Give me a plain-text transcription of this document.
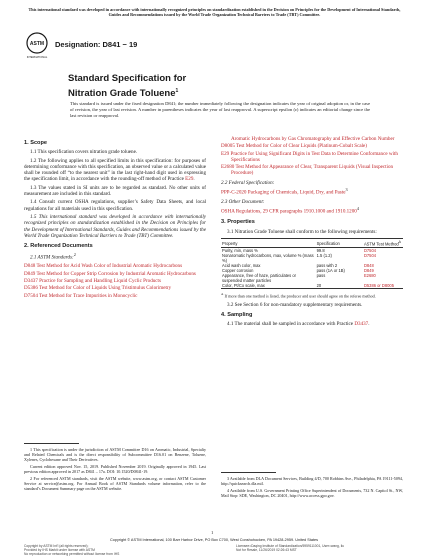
This international standard was developed in accordance with internationally recognized principles on standardization established in the Decision on Principles for the Development of International Standards, Guides and Recommendations issued by the World Trade Organization Technical Barriers to Trade (TBT) Committee.
ASTM
INTERNATIONAL
Designation: D841 − 19
Standard Specification for
Nitration Grade Toluene$^1$
This standard is issued under the fixed designation D841; the number immediately following the designation indicates the year of original adoption or, in the case of revision, the year of last revision. A number in parentheses indicates the year of last reapproval. A superscript epsilon (ε) indicates an editorial change since the last revision or reapproval.
1. Scope
1.1 This specification covers nitration grade toluene.
1.2 The following applies to all specified limits in this specification: for purposes of determining conformance with this specification, an observed value or a calculated value shall be rounded off “to the nearest unit” in the last right-hand digit used in expressing the specification limit, in accordance with the rounding-off method of Practice E29.
1.3 The values stated in SI units are to be regarded as standard. No other units of measurement are included in this standard.
1.4 Consult current OSHA regulations, supplier’s Safety Data Sheets, and local regulations for all materials used in this specification.
1.5 This international standard was developed in accordance with internationally recognized principles on standardization established in the Decision on Principles for the Development of International Standards, Guides and Recommendations issued by the World Trade Organization Technical Barriers to Trade (TBT) Committee.
2. Referenced Documents
2.1 ASTM Standards:$^2$
D848 Test Method for Acid Wash Color of Industrial Aromatic Hydrocarbons
D849 Test Method for Copper Strip Corrosion by Industrial Aromatic Hydrocarbons
D3437 Practice for Sampling and Handling Liquid Cyclic Products
D5386 Test Method for Color of Liquids Using Tristimulus Colorimetry
D7504 Test Method for Trace Impurities in Monocyclic
Aromatic Hydrocarbons by Gas Chromatography and Effective Carbon Number
D8005 Test Method for Color of Clear Liquids (Platinum-Cobalt Scale)
E29 Practice for Using Significant Digits in Test Data to Determine Conformance with Specifications
E2680 Test Method for Appearance of Clear, Transparent Liquids (Visual Inspection Procedure)
2.2 Federal Specification:
PPP-C-2020 Packaging of Chemicals, Liquid, Dry, and Paste$^3$
2.3 Other Document:
OSHA Regulations, 29 CFR paragraphs 1910.1000 and 1910.1200$^4$
3. Properties
3.1 Nitration Grade Toluene shall conform to the following requirements:
Property	Specification	ASTM Test Method$^A$
Purity, min, mass %	99.8	D7504
Nonaromatic hydrocarbons, max, volume % (mass %)	1.5 (1.2)	D7504
Acid wash color, max	pass with 2	D848
Copper corrosion	pass (1A or 1B)	D849
Appearance, free of haze, particulates or suspended matter particles	pass	E2680
Color, Pt/Co scale, max	20	D5386 or D8005
$^A$ If more than one method is listed, the producer and user should agree on the referee method.
3.2 See Section 6 for non-mandatory supplementary requirements.
4. Sampling
4.1 The material shall be sampled in accordance with Practice D3437.
1 This specification is under the jurisdiction of ASTM Committee D16 on Aromatic, Industrial, Specialty and Related Chemicals and is the direct responsibility of Subcommittee D16.01 on Benzene, Toluene, Xylenes, Cyclohexane and Their Derivatives.
Current edition approved Nov. 15, 2019. Published November 2019. Originally approved in 1945. Last previous edition approved in 2017 as D841 – 17a. DOI: 10.1520/D0841-19.
2 For referenced ASTM standards, visit the ASTM website, www.astm.org, or contact ASTM Customer Service at service@astm.org. For Annual Book of ASTM Standards volume information, refer to the standard’s Document Summary page on the ASTM website.
3 Available from DLA Document Services, Building 4/D, 700 Robbins Ave., Philadelphia, PA 19111-5094, http://quicksearch.dla.mil.
4 Available from U.S. Government Printing Office Superintendent of Documents, 732 N. Capitol St., NW, Mail Stop: SDE, Washington, DC 20401, http://www.access.gpo.gov.
1
Copyright © ASTM International, 100 Barr Harbor Drive, PO Box C700, West Conshohocken, PA 19428-2959. United States
Copyright by ASTM Int'l (all rights reserved);
Provided by IHS Markit under license with ASTM
No reproduction or networking permitted without license from IHS
Licensee=Daqing Institute of Standardization/5959111001, User=wang, liu
Not for Resale, 11/26/2019 02:26:43 MST
